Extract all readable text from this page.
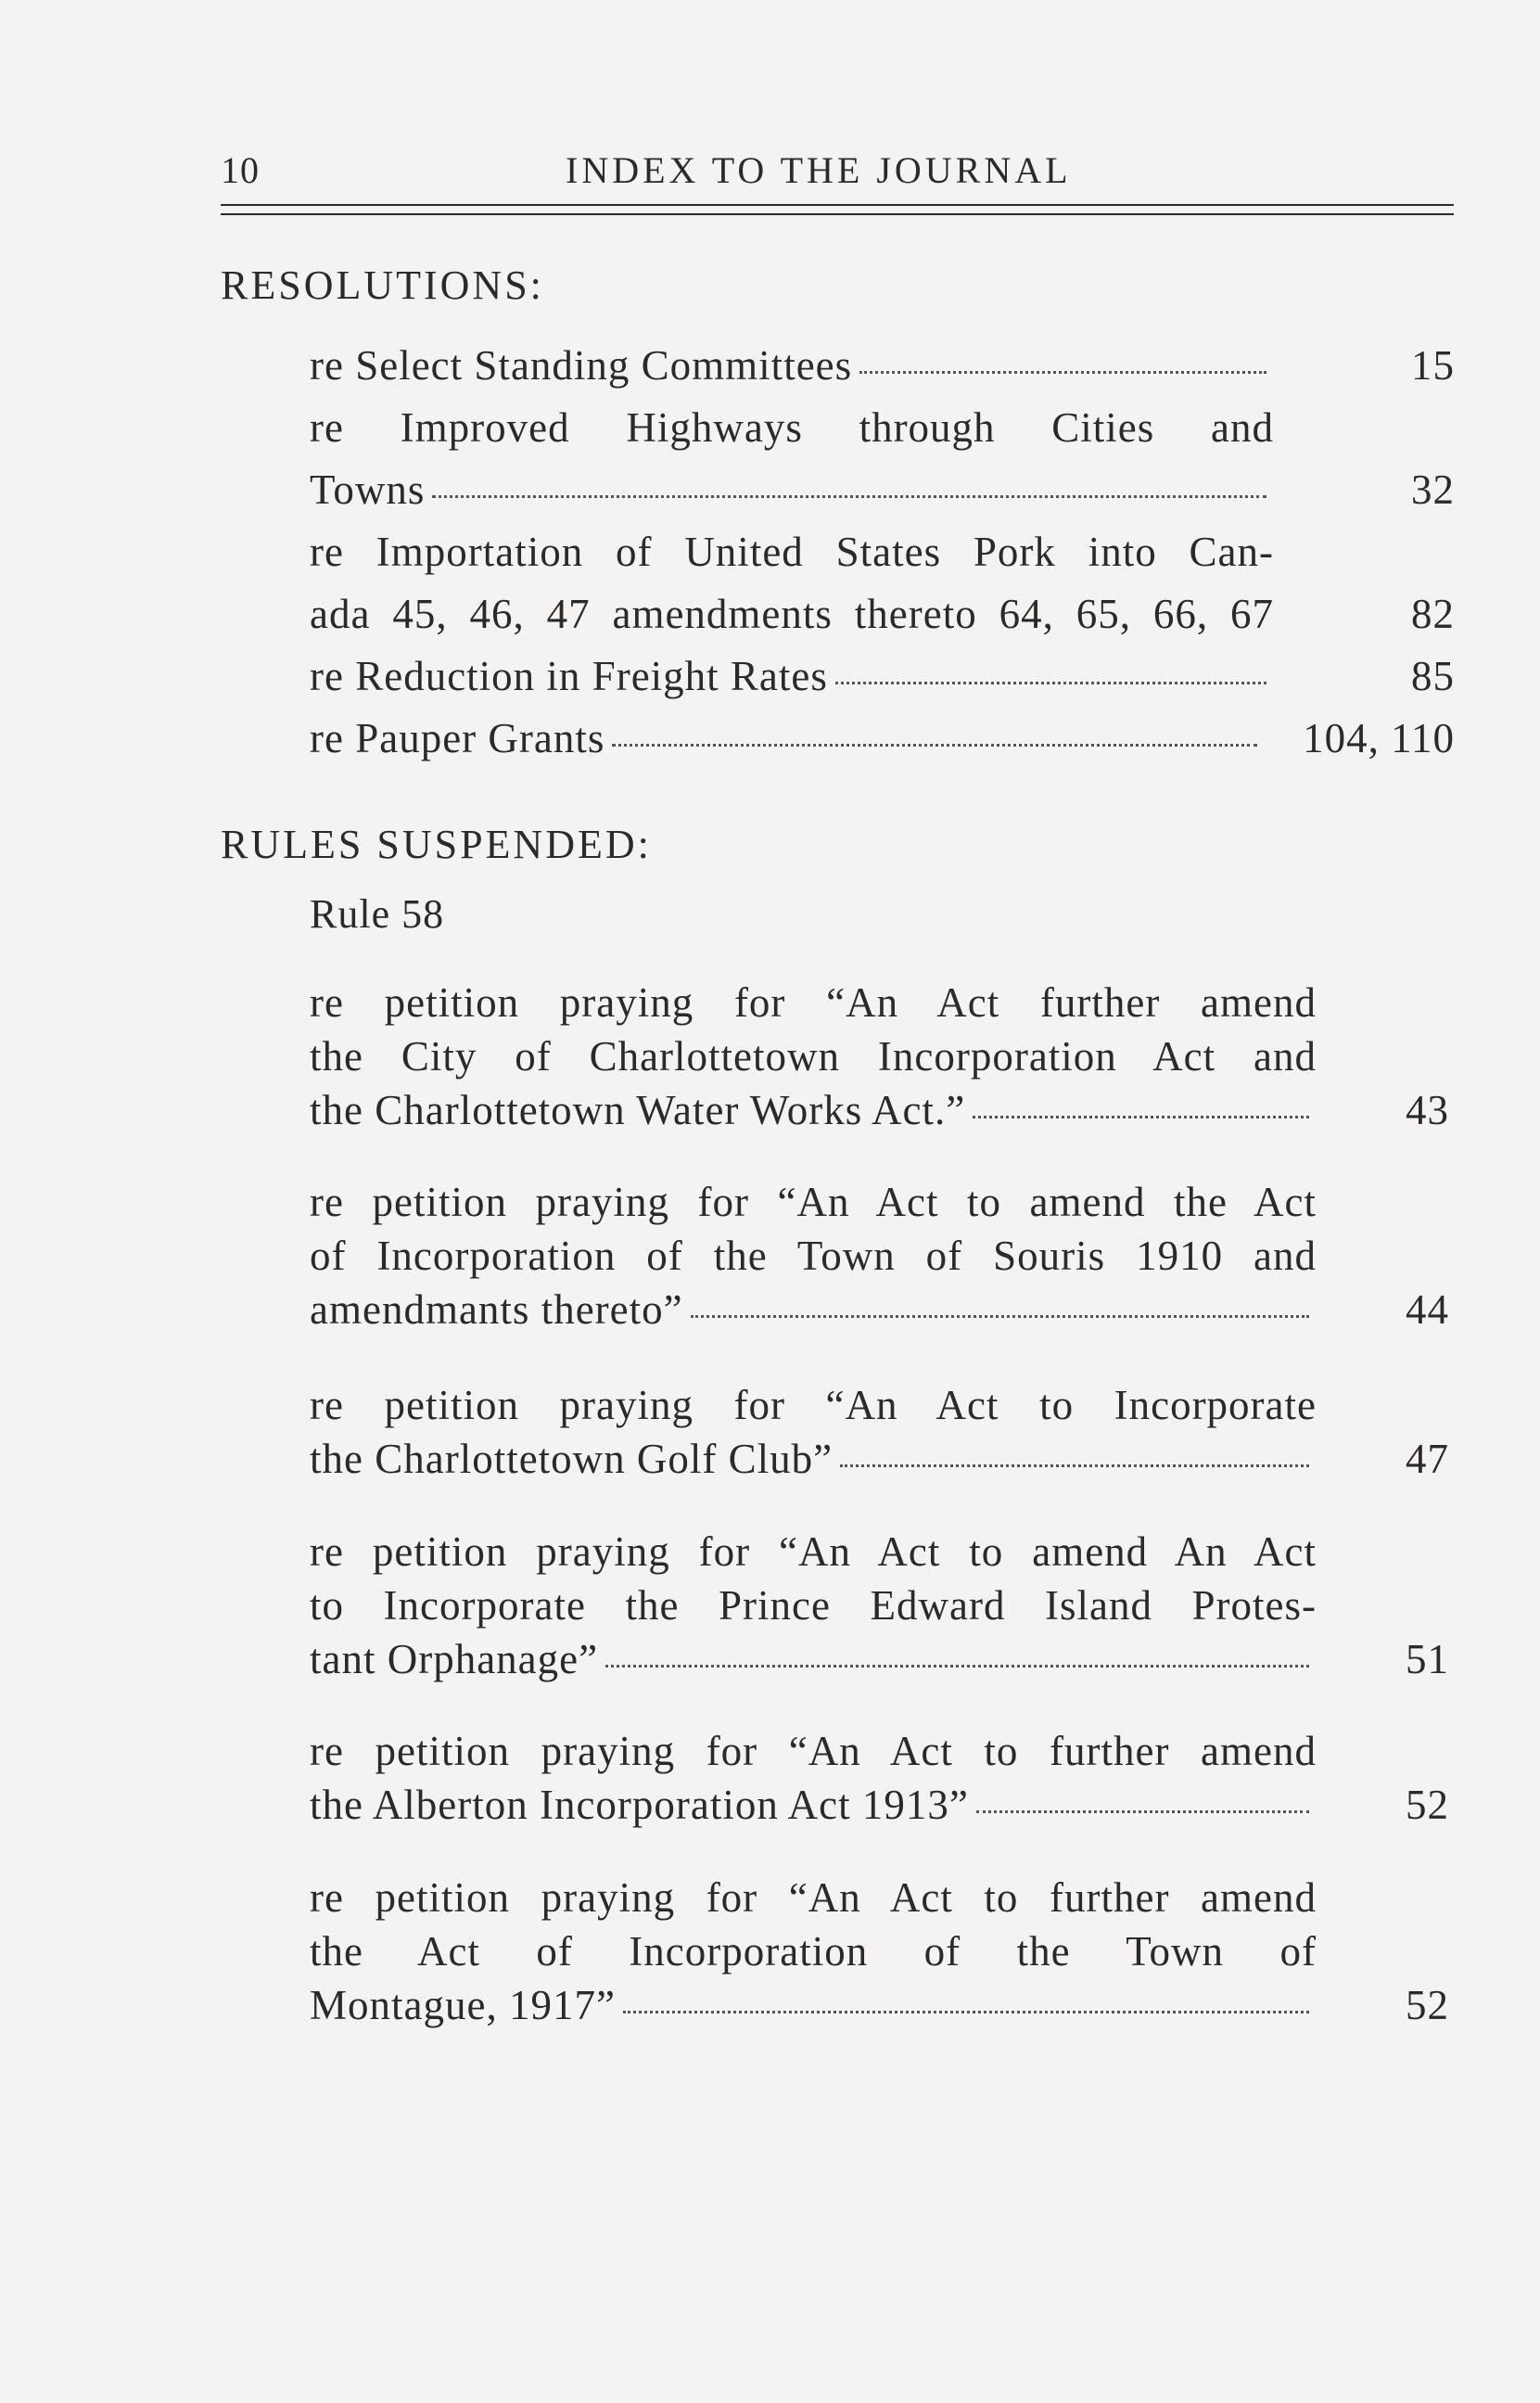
10	INDEX TO THE JOURNAL
RESOLUTIONS:
re Select Standing Committees	15
re Improved Highways through Cities and
Towns	32
re Importation of United States Pork into Can-
ada 45, 46, 47 amendments thereto 64, 65, 66, 67	82
re Reduction in Freight Rates	85
re Pauper Grants	104, 110
RULES SUSPENDED:
Rule 58
re petition praying for “An Act further amend
the City of Charlottetown Incorporation Act and
the Charlottetown Water Works Act.”	43
re petition praying for “An Act to amend the Act
of Incorporation of the Town of Souris 1910 and
amendmants thereto”	44
re petition praying for “An Act to Incorporate
the Charlottetown Golf Club”	47
re petition praying for “An Act to amend An Act
to Incorporate the Prince Edward Island Protes-
tant Orphanage”	51
re petition praying for “An Act to further amend
the Alberton Incorporation Act 1913”	52
re petition praying for “An Act to further amend
the Act of Incorporation of the Town of
Montague, 1917”	52
